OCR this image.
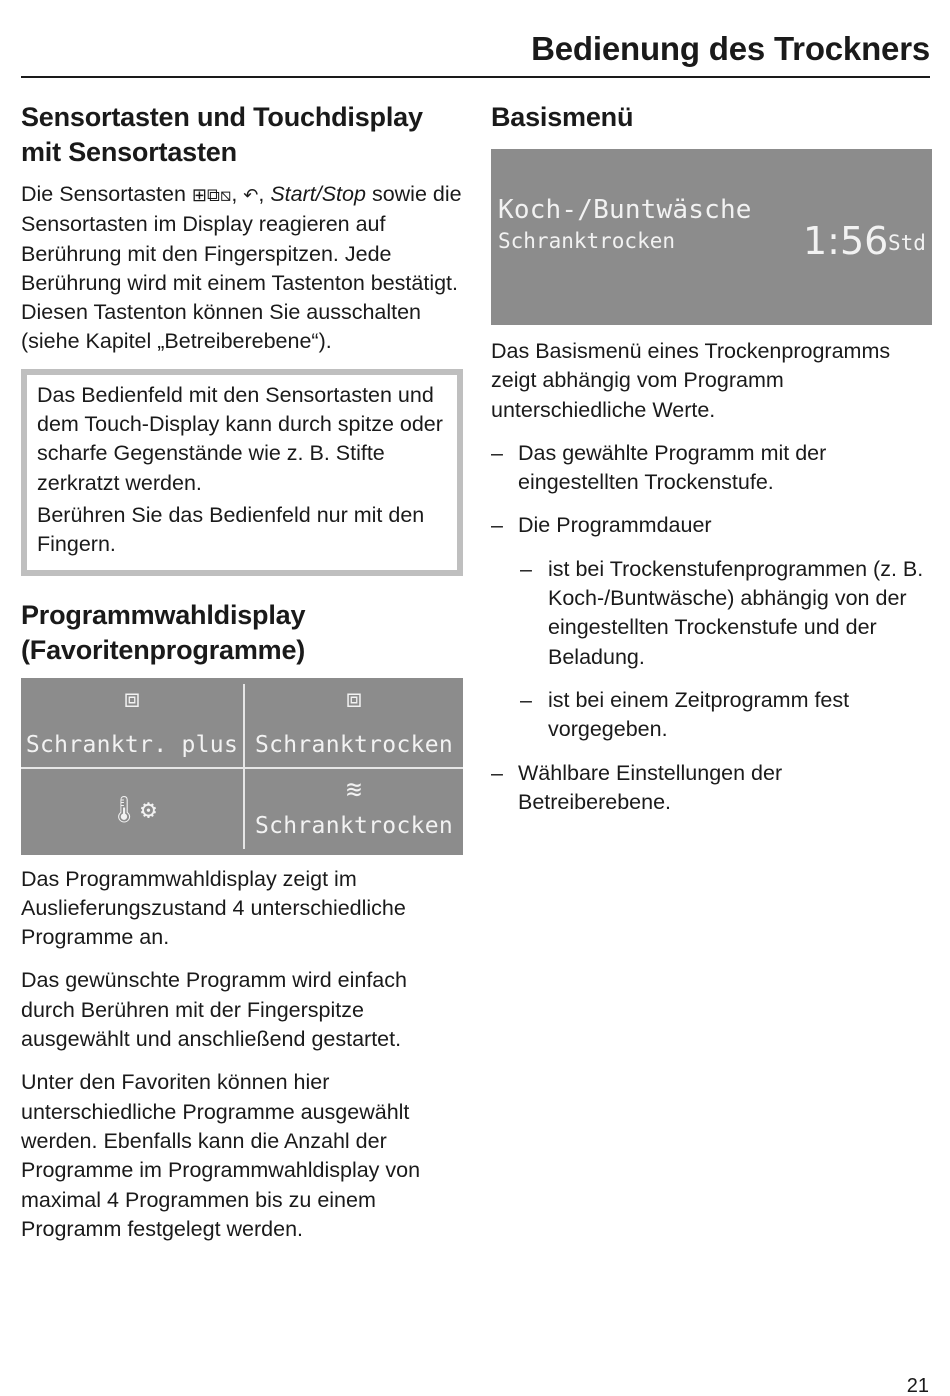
Bedienung des Trockners
Sensortasten und Touchdisplay mit Sensortasten

Die Sensortasten ⊞⧉⧅, ↶, Start/Stop sowie die Sensortasten im Display reagieren auf Berührung mit den Fingerspitzen. Jede Berührung wird mit einem Tastenton bestätigt. Diesen Tastenton können Sie ausschalten (siehe Kapitel „Betreiberebene“).

Das Bedienfeld mit den Sensortasten und dem Touch-Display kann durch spitze oder scharfe Gegenstände wie z. B. Stifte zerkratzt werden.

Berühren Sie das Bedienfeld nur mit den Fingern.

Programmwahldisplay (Favoritenprogramme)
⧈
Schranktr. plus
⧈
Schranktrocken
🌡⚙
≋
Schranktrocken

Das Programmwahldisplay zeigt im Auslieferungszustand 4 unterschiedliche Programme an.

Das gewünschte Programm wird einfach durch Berühren mit der Fingerspitze ausgewählt und anschließend gestartet.

Unter den Favoriten können hier unterschiedliche Programme ausgewählt werden. Ebenfalls kann die Anzahl der Programme im Programmwahldisplay von maximal 4 Programmen bis zu einem Programm festgelegt werden.

Basismenü
Koch-/Buntwäsche
Schranktrocken	1:56 Std

Das Basismenü eines Trockenprogramms zeigt abhängig vom Programm unterschiedliche Werte.

– Das gewählte Programm mit der eingestellten Trockenstufe.
– Die Programmdauer
– ist bei Trockenstufenprogrammen (z. B. Koch-/Buntwäsche) abhängig von der eingestellten Trockenstufe und der Beladung.
– ist bei einem Zeitprogramm fest vorgegeben.
– Wählbare Einstellungen der Betreiberebene.
21
